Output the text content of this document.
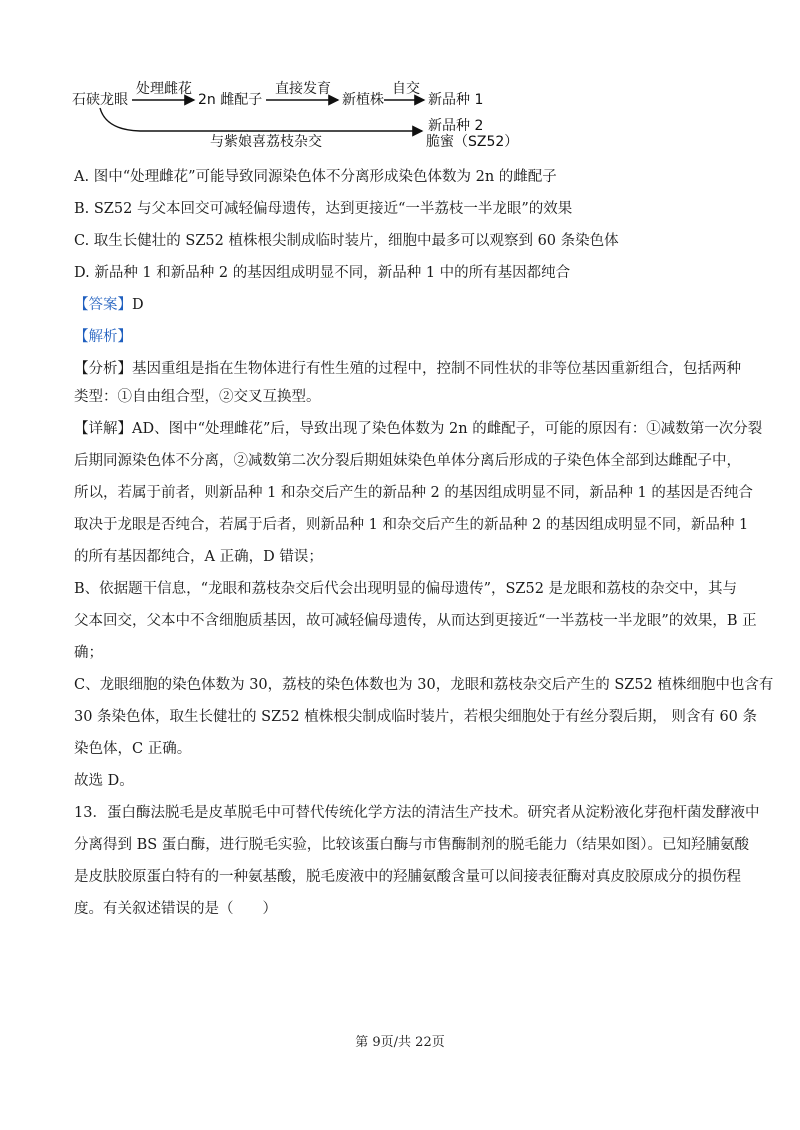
石硖龙眼
处理雌花
2n 雌配子
直接发育
新植株
自交
新品种 1
与紫娘喜荔枝杂交
新品种 2
脆蜜（SZ52）
A. 图中“处理雌花”可能导致同源染色体不分离形成染色体数为 2n 的雌配子
B. SZ52 与父本回交可减轻偏母遗传，达到更接近“一半荔枝一半龙眼”的效果
C. 取生长健壮的 SZ52 植株根尖制成临时装片，细胞中最多可以观察到 60 条染色体
D. 新品种 1 和新品种 2 的基因组成明显不同，新品种 1 中的所有基因都纯合
【答案】D
【解析】
【分析】基因重组是指在生物体进行有性生殖的过程中，控制不同性状的非等位基因重新组合，包括两种
类型：①自由组合型，②交叉互换型。
【详解】AD、图中“处理雌花”后，导致出现了染色体数为 2n 的雌配子，可能的原因有：①减数第一次分裂
后期同源染色体不分离，②减数第二次分裂后期姐妹染色单体分离后形成的子染色体全部到达雌配子中，
所以，若属于前者，则新品种 1 和杂交后产生的新品种 2 的基因组成明显不同，新品种 1 的基因是否纯合
取决于龙眼是否纯合，若属于后者，则新品种 1 和杂交后产生的新品种 2 的基因组成明显不同，新品种 1
的所有基因都纯合，A 正确，D 错误；
B、依据题干信息，“龙眼和荔枝杂交后代会出现明显的偏母遗传”，SZ52 是龙眼和荔枝的杂交中，其与
父本回交，父本中不含细胞质基因，故可减轻偏母遗传，从而达到更接近“一半荔枝一半龙眼”的效果，B 正
确；
C、龙眼细胞的染色体数为 30，荔枝的染色体数也为 30，龙眼和荔枝杂交后产生的 SZ52 植株细胞中也含有
30 条染色体，取生长健壮的 SZ52 植株根尖制成临时装片，若根尖细胞处于有丝分裂后期， 则含有 60 条
染色体，C 正确。
故选 D。
13．蛋白酶法脱毛是皮革脱毛中可替代传统化学方法的清洁生产技术。研究者从淀粉液化芽孢杆菌发酵液中
分离得到 BS 蛋白酶，进行脱毛实验，比较该蛋白酶与市售酶制剂的脱毛能力（结果如图）。已知羟脯氨酸
是皮肤胶原蛋白特有的一种氨基酸，脱毛废液中的羟脯氨酸含量可以间接表征酶对真皮胶原成分的损伤程
度。有关叙述错误的是（　　）
第 9页/共 22页
